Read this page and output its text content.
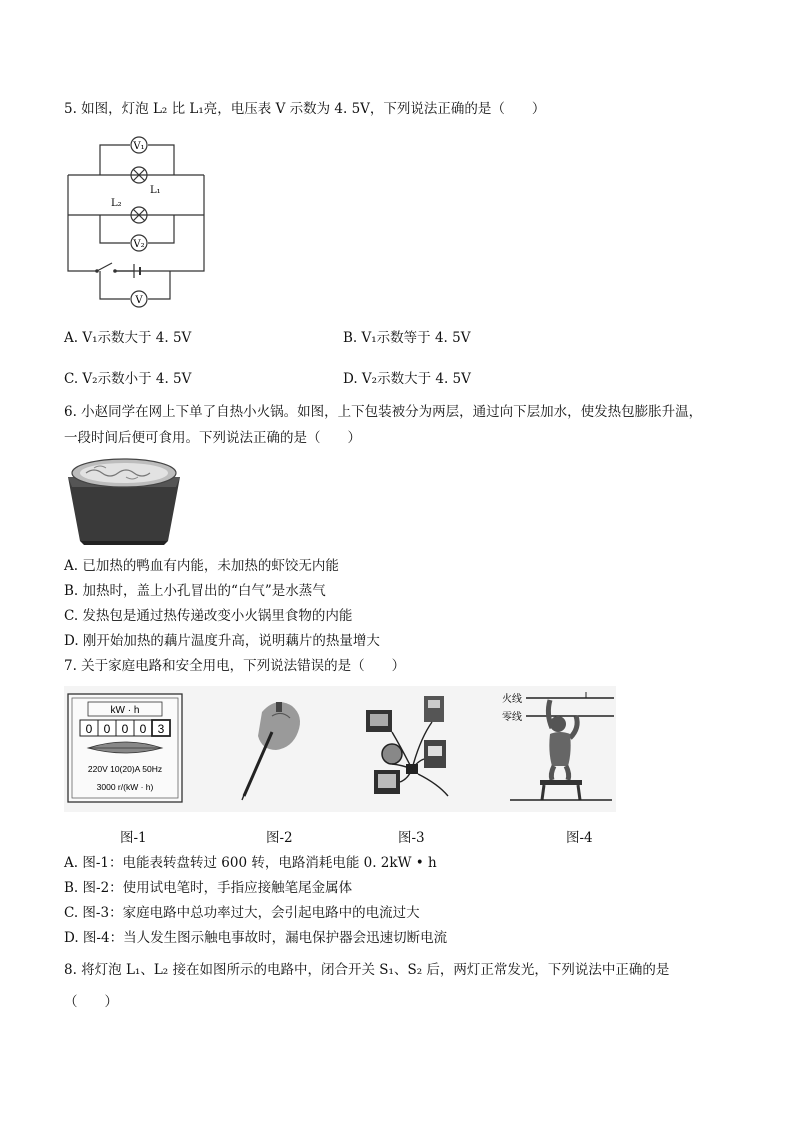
5. 如图，灯泡 L₂ 比 L₁亮，电压表 V 示数为 4. 5V，下列说法正确的是（　　）
V₁
V₂
V
L₁
L₂
A. V₁示数大于 4. 5V	B. V₁示数等于 4. 5V
C. V₂示数小于 4. 5V	D. V₂示数大于 4. 5V
6. 小赵同学在网上下单了自热小火锅。如图，上下包装被分为两层，通过向下层加水，使发热包膨胀升温，
一段时间后便可食用。下列说法正确的是（　　）
A. 已加热的鸭血有内能，未加热的虾饺无内能
B. 加热时，盖上小孔冒出的“白气”是水蒸气
C. 发热包是通过热传递改变小火锅里食物的内能
D. 刚开始加热的藕片温度升高，说明藕片的热量增大
7. 关于家庭电路和安全用电，下列说法错误的是（　　）
kW · h
0 0 0 0 3
220V 10(20)A 50Hz
3000 r/(kW · h)
火线
零线
图-1	图-2	图-3	图-4
A. 图-1：电能表转盘转过 600 转，电路消耗电能 0. 2kW • h
B. 图-2：使用试电笔时，手指应接触笔尾金属体
C. 图-3：家庭电路中总功率过大，会引起电路中的电流过大
D. 图-4：当人发生图示触电事故时，漏电保护器会迅速切断电流
8. 将灯泡 L₁、L₂ 接在如图所示的电路中，闭合开关 S₁、S₂ 后，两灯正常发光，下列说法中正确的是
（　　）
